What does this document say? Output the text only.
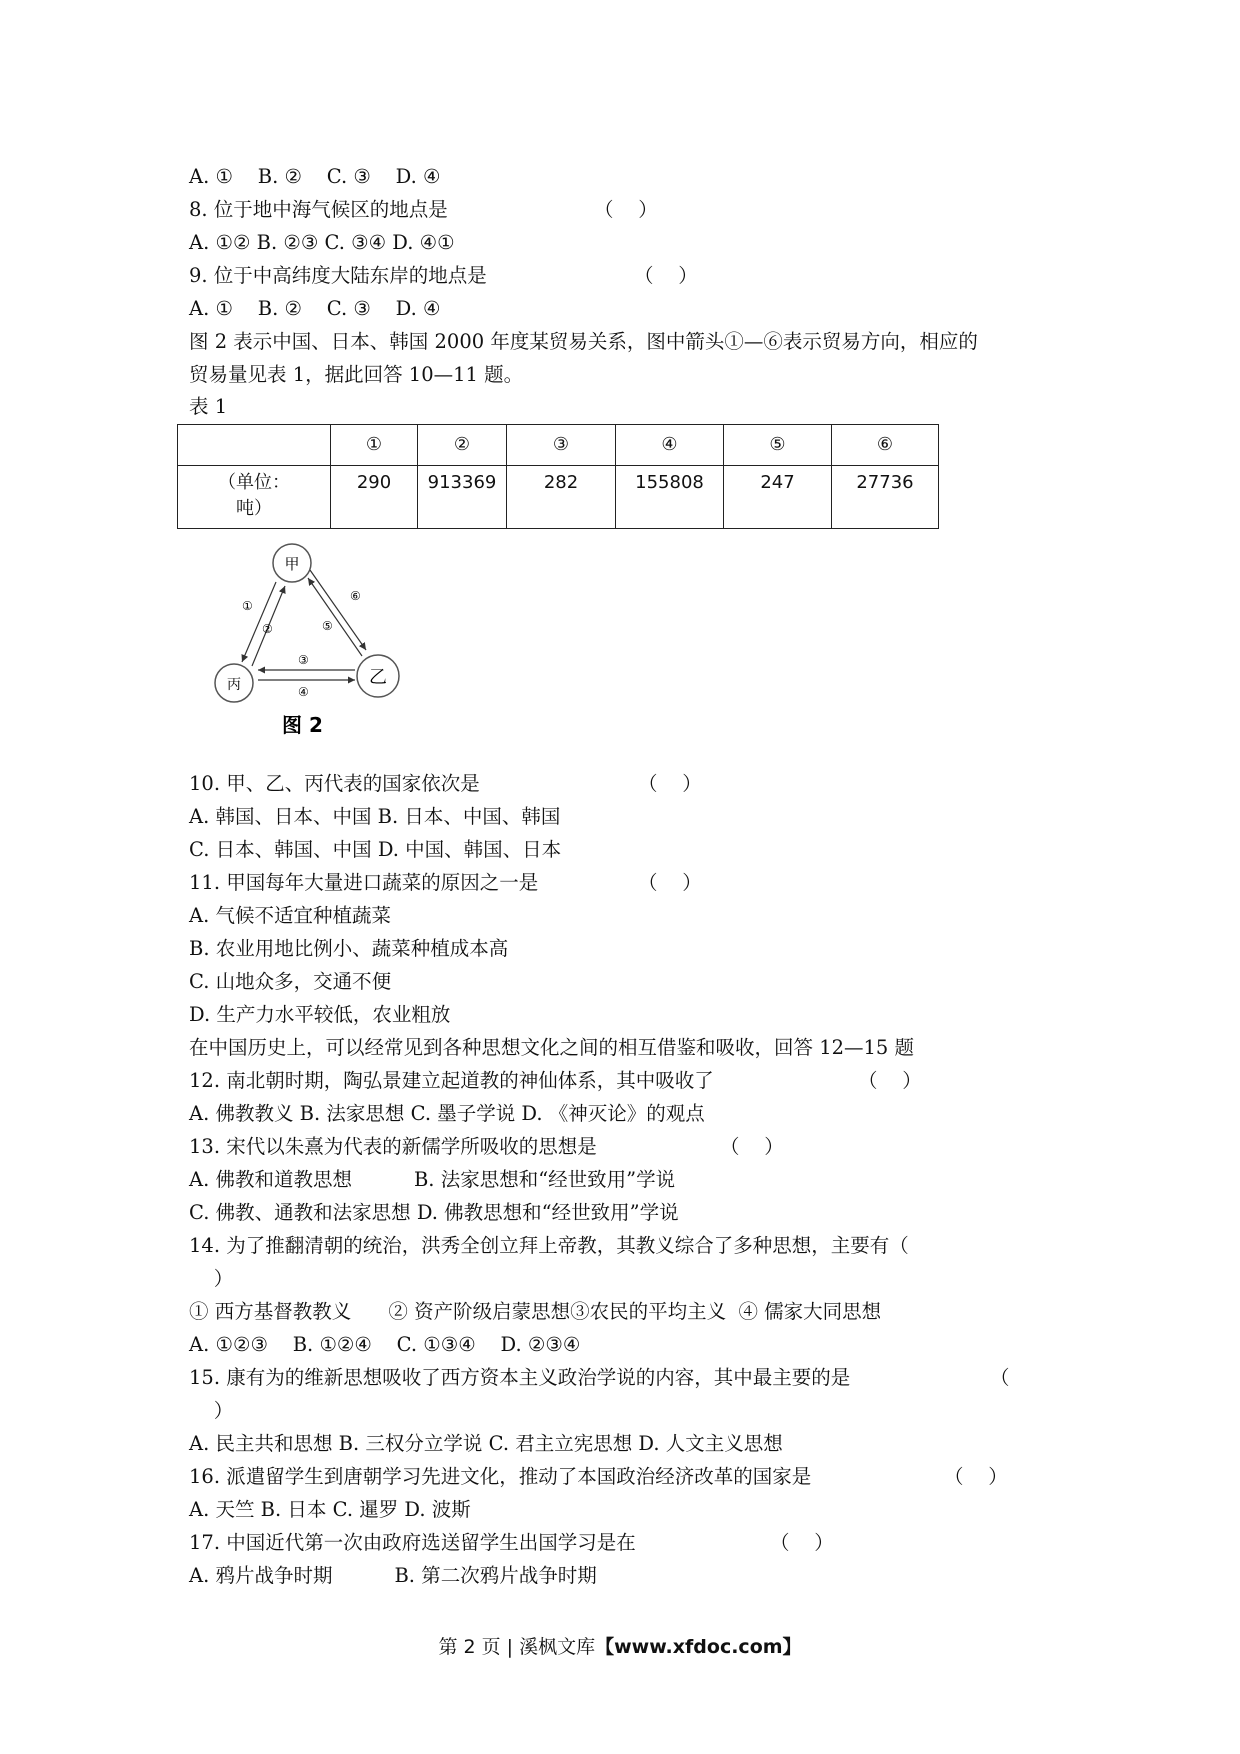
	①	②	③	④	⑤	⑥

（单位：
吨）	290	913369	282	155808	247	27736
甲
乙
丙
①
②
③
④
⑤
⑥
图 2
第 2 页 | 溪枫文库【www.xfdoc.com】
A. ①    B. ②    C. ③    D. ④
8. 位于地中海气候区的地点是	（    ）
A. ①② B. ②③ C. ③④ D. ④①
9. 位于中高纬度大陆东岸的地点是	（    ）
A. ①    B. ②    C. ③    D. ④
图 2 表示中国、日本、韩国 2000 年度某贸易关系，图中箭头①—⑥表示贸易方向，相应的
贸易量见表 1，据此回答 10—11 题。
表 1
10. 甲、乙、丙代表的国家依次是	（    ）
A. 韩国、日本、中国 B. 日本、中国、韩国
C. 日本、韩国、中国 D. 中国、韩国、日本
11. 甲国每年大量进口蔬菜的原因之一是	（    ）
A. 气候不适宜种植蔬菜
B. 农业用地比例小、蔬菜种植成本高
C. 山地众多，交通不便
D. 生产力水平较低，农业粗放
在中国历史上，可以经常见到各种思想文化之间的相互借鉴和吸收，回答 12—15 题
12. 南北朝时期，陶弘景建立起道教的神仙体系，其中吸收了	（    ）
A. 佛教教义 B. 法家思想 C. 墨子学说 D. 《神灭论》的观点
13. 宋代以朱熹为代表的新儒学所吸收的思想是	（    ）
A. 佛教和道教思想          B. 法家思想和“经世致用”学说
C. 佛教、通教和法家思想 D. 佛教思想和“经世致用”学说
14. 为了推翻清朝的统治，洪秀全创立拜上帝教，其教义综合了多种思想，主要有（
）
① 西方基督教教义      ② 资产阶级启蒙思想③农民的平均主义  ④ 儒家大同思想
A. ①②③    B. ①②④    C. ①③④    D. ②③④
15. 康有为的维新思想吸收了西方资本主义政治学说的内容，其中最主要的是	（
）
A. 民主共和思想 B. 三权分立学说 C. 君主立宪思想 D. 人文主义思想
16. 派遣留学生到唐朝学习先进文化，推动了本国政治经济改革的国家是	（    ）
A. 天竺 B. 日本 C. 暹罗 D. 波斯
17. 中国近代第一次由政府选送留学生出国学习是在	（    ）
A. 鸦片战争时期          B. 第二次鸦片战争时期
